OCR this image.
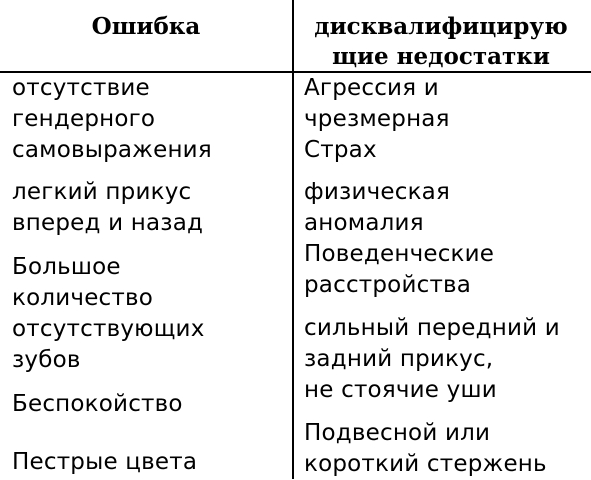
Ошибка	дисквалифицирую
щие недостатки
отсутствие
гендерного
самовыражения
легкий прикус
вперед и назад
Большое
количество
отсутствующих
зубов
Беспокойство
Пестрые цвета
Агрессия и
чрезмерная
Страх
физическая
аномалия
Поведенческие
расстройства
сильный передний и
задний прикус,
не стоячие уши
Подвесной или
короткий стержень
